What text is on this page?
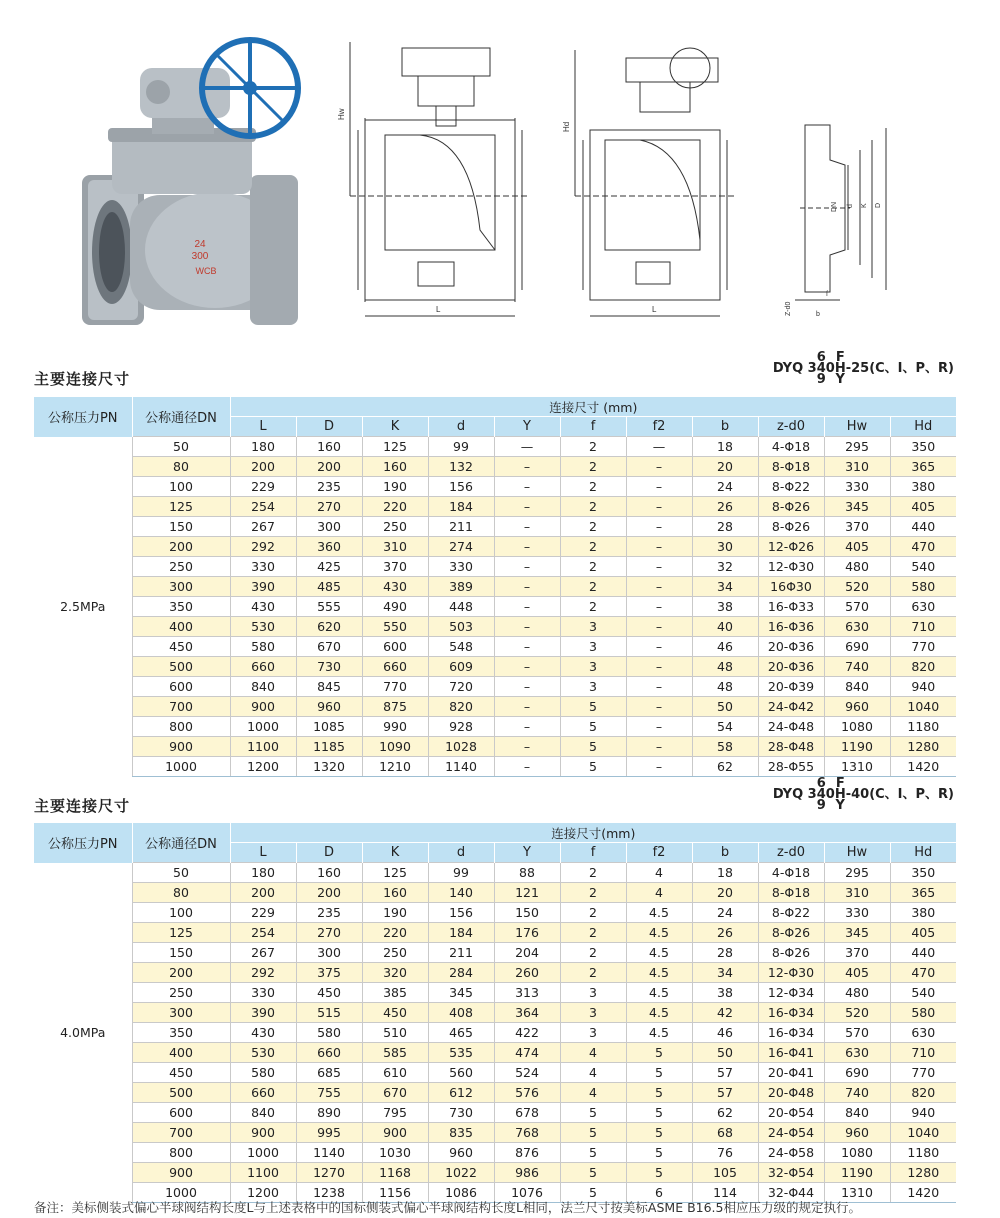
24
300
WCB
Hw
L
Hd
L
DN d K D
Z-d0	b
f
主要连接尺寸
DYQ

6
340
9
F
H
Y
-25(C、I、P、R)
公称压力PN	公称通径DN	连接尺寸 (mm)										
		L	D	K	d	Y	f	f2	b	z-d0	Hw	Hd
2.5MPa	50	180	160	125	99	—	2	—	18	4-Φ18	295	350
	80	200	200	160	132	–	2	–	20	8-Φ18	310	365
	100	229	235	190	156	–	2	–	24	8-Φ22	330	380
	125	254	270	220	184	–	2	–	26	8-Φ26	345	405
	150	267	300	250	211	–	2	–	28	8-Φ26	370	440
	200	292	360	310	274	–	2	–	30	12-Φ26	405	470
	250	330	425	370	330	–	2	–	32	12-Φ30	480	540
	300	390	485	430	389	–	2	–	34	16Φ30	520	580
	350	430	555	490	448	–	2	–	38	16-Φ33	570	630
	400	530	620	550	503	–	3	–	40	16-Φ36	630	710
	450	580	670	600	548	–	3	–	46	20-Φ36	690	770
	500	660	730	660	609	–	3	–	48	20-Φ36	740	820
	600	840	845	770	720	–	3	–	48	20-Φ39	840	940
	700	900	960	875	820	–	5	–	50	24-Φ42	960	1040
	800	1000	1085	990	928	–	5	–	54	24-Φ48	1080	1180
	900	1100	1185	1090	1028	–	5	–	58	28-Φ48	1190	1280
	1000	1200	1320	1210	1140	–	5	–	62	28-Φ55	1310	1420
主要连接尺寸
DYQ

6
340
9
F
H
Y
-40(C、I、P、R)
公称压力PN	公称通径DN	连接尺寸(mm)										
		L	D	K	d	Y	f	f2	b	z-d0	Hw	Hd
4.0MPa	50	180	160	125	99	88	2	4	18	4-Φ18	295	350
	80	200	200	160	140	121	2	4	20	8-Φ18	310	365
	100	229	235	190	156	150	2	4.5	24	8-Φ22	330	380
	125	254	270	220	184	176	2	4.5	26	8-Φ26	345	405
	150	267	300	250	211	204	2	4.5	28	8-Φ26	370	440
	200	292	375	320	284	260	2	4.5	34	12-Φ30	405	470
	250	330	450	385	345	313	3	4.5	38	12-Φ34	480	540
	300	390	515	450	408	364	3	4.5	42	16-Φ34	520	580
	350	430	580	510	465	422	3	4.5	46	16-Φ34	570	630
	400	530	660	585	535	474	4	5	50	16-Φ41	630	710
	450	580	685	610	560	524	4	5	57	20-Φ41	690	770
	500	660	755	670	612	576	4	5	57	20-Φ48	740	820
	600	840	890	795	730	678	5	5	62	20-Φ54	840	940
	700	900	995	900	835	768	5	5	68	24-Φ54	960	1040
	800	1000	1140	1030	960	876	5	5	76	24-Φ58	1080	1180
	900	1100	1270	1168	1022	986	5	5	105	32-Φ54	1190	1280
	1000	1200	1238	1156	1086	1076	5	6	114	32-Φ44	1310	1420
备注：美标侧装式偏心半球阀结构长度L与上述表格中的国标侧装式偏心半球阀结构长度L相同，法兰尺寸按美标ASME B16.5相应压力级的规定执行。
